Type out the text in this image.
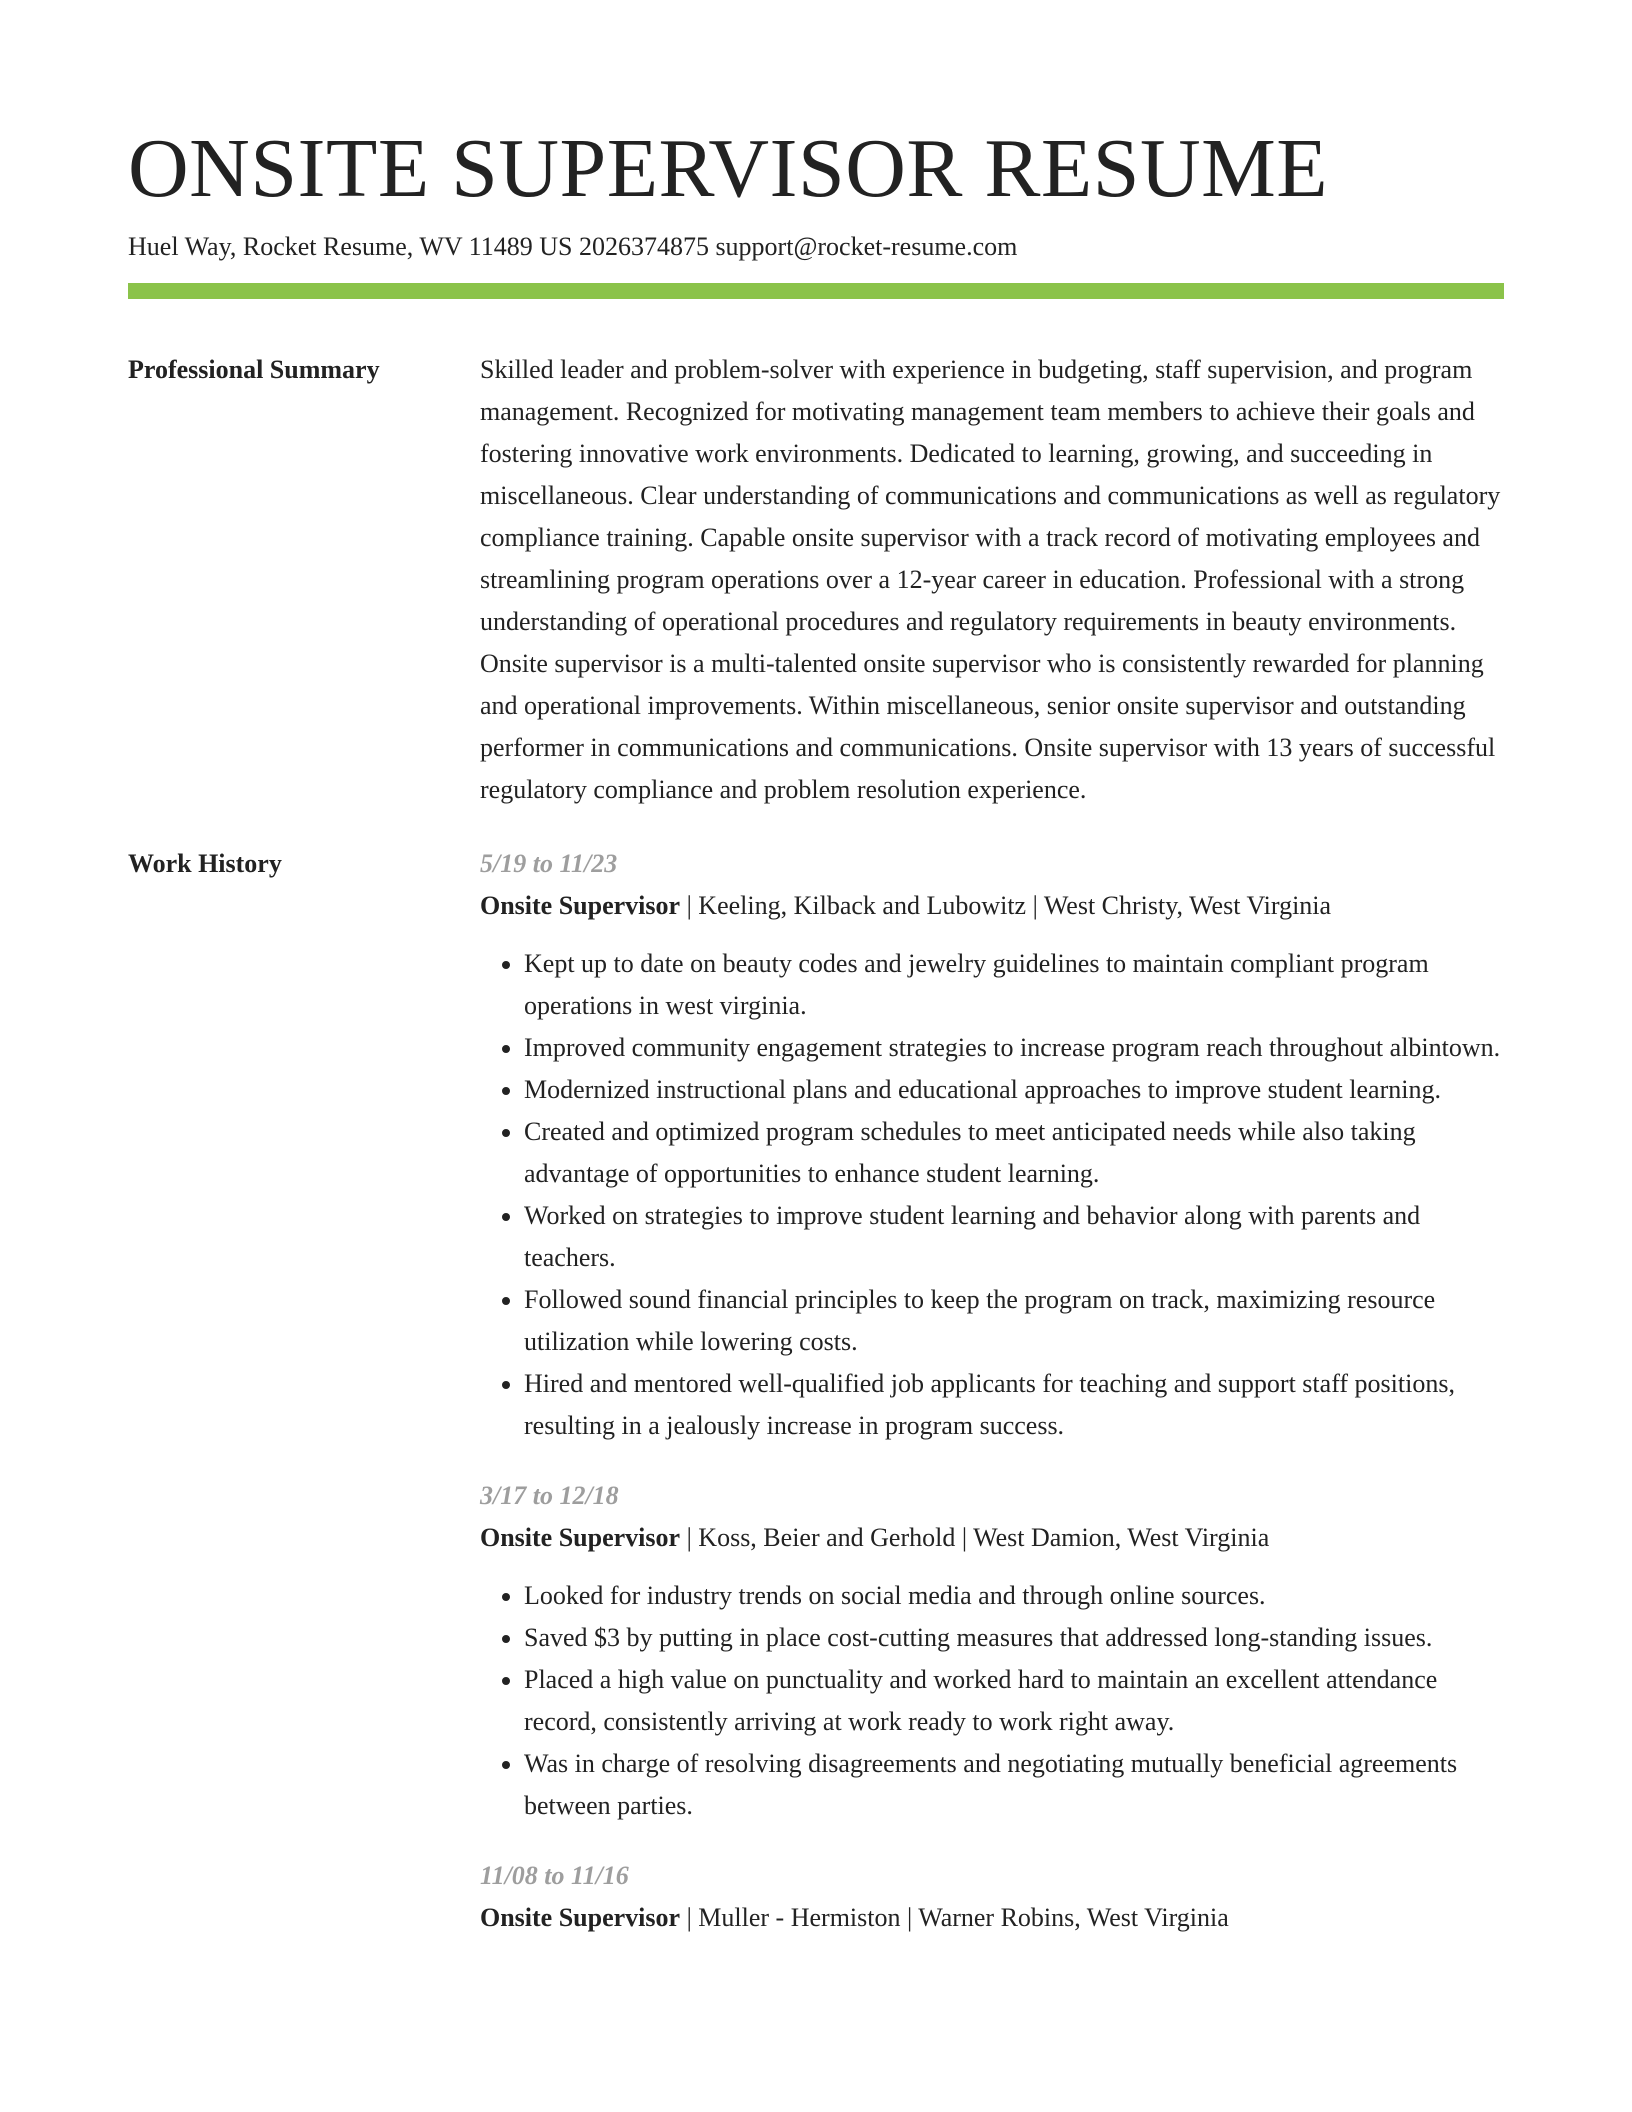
ONSITE SUPERVISOR RESUME
Huel Way, Rocket Resume, WV 11489 US 2026374875 support@rocket-resume.com
Professional Summary	Skilled leader and problem-solver with experience in budgeting, staff supervision, and program management. Recognized for motivating management team members to achieve their goals and fostering innovative work environments. Dedicated to learning, growing, and succeeding in miscellaneous. Clear understanding of communications and communications as well as regulatory compliance training. Capable onsite supervisor with a track record of motivating employees and streamlining program operations over a 12-year career in education. Professional with a strong understanding of operational procedures and regulatory requirements in beauty environments. Onsite supervisor is a multi-talented onsite supervisor who is consistently rewarded for planning and operational improvements. Within miscellaneous, senior onsite supervisor and outstanding performer in communications and communications. Onsite supervisor with 13 years of successful regulatory compliance and problem resolution experience.

Work History	5/19 to 11/23
Onsite Supervisor | Keeling, Kilback and Lubowitz | West Christy, West Virginia
• Kept up to date on beauty codes and jewelry guidelines to maintain compliant program operations in west virginia.
• Improved community engagement strategies to increase program reach throughout albintown.
• Modernized instructional plans and educational approaches to improve student learning.
• Created and optimized program schedules to meet anticipated needs while also taking advantage of opportunities to enhance student learning.
• Worked on strategies to improve student learning and behavior along with parents and teachers.
• Followed sound financial principles to keep the program on track, maximizing resource utilization while lowering costs.
• Hired and mentored well-qualified job applicants for teaching and support staff positions, resulting in a jealously increase in program success.
3/17 to 12/18
Onsite Supervisor | Koss, Beier and Gerhold | West Damion, West Virginia
• Looked for industry trends on social media and through online sources.
• Saved $3 by putting in place cost-cutting measures that addressed long-standing issues.
• Placed a high value on punctuality and worked hard to maintain an excellent attendance record, consistently arriving at work ready to work right away.
• Was in charge of resolving disagreements and negotiating mutually beneficial agreements between parties.
11/08 to 11/16
Onsite Supervisor | Muller - Hermiston | Warner Robins, West Virginia
